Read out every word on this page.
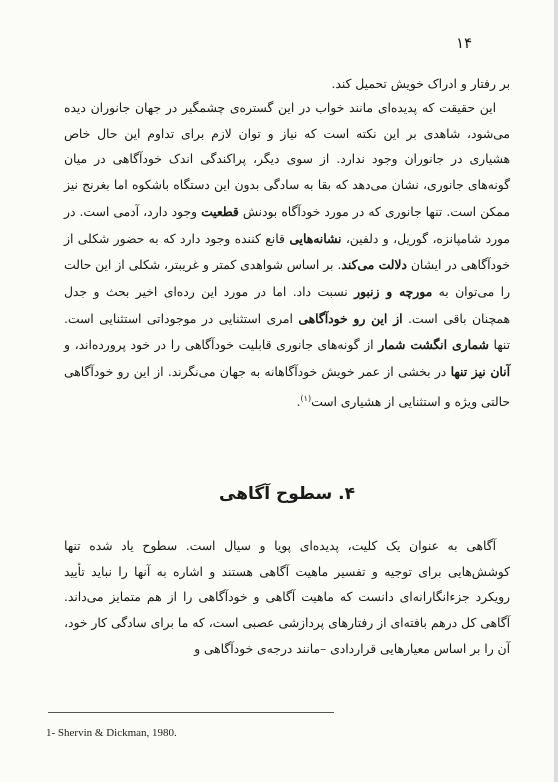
۱۴

بر رفتار و ادراک خویش تحمیل کند.

این حقیقت که پدیده‌ای مانند خواب در این گستره‌ی چشمگیر در جهان جانوران دیده می‌شود، شاهدی بر این نکته است که نیاز و توان لازم برای تداوم این حال خاص هشیاری در جانوران وجود ندارد. از سوی دیگر، پراکندگی اندک خودآگاهی در میان گونه‌های جانوری، نشان می‌دهد که بقا به سادگی بدون این دستگاه باشکوه اما بغرنج نیز ممکن است. تنها جانوری که در مورد خودآگاه بودنش قطعیت وجود دارد، آدمی است. در مورد شامپانزه، گوریل، و دلفین، نشانه‌هایی قانع کننده وجود دارد که به حضور شکلی از خودآگاهی در ایشان دلالت می‌کند. بر اساس شواهدی کمتر و غریبتر، شکلی از این حالت را می‌توان به مورچه و زنبور نسبت داد. اما در مورد این رده‌ای اخیر بحث و جدل همچنان باقی است. از این رو خودآگاهی امری استثنایی در موجوداتی استثنایی است. تنها شماری انگشت شمار از گونه‌های جانوری قابلیت خودآگاهی را در خود پرورده‌اند، و آنان نیز تنها در بخشی از عمر خویش خودآگاهانه به جهان می‌نگرند. از این رو خودآگاهی حالتی ویژه و استثنایی از هشیاری است$^{(۱)}$.

۴. سطوح آگاهی

آگاهی به عنوان یک کلیت، پدیده‌ای پویا و سیال است. سطوح یاد شده تنها کوشش‌هایی برای توجیه و تفسیر ماهیت آگاهی هستند و اشاره به آنها را نباید تأیید رویکرد جزءانگارانه‌ای دانست که ماهیت آگاهی و خودآگاهی را از هم متمایز می‌داند. آگاهی کل درهم بافته‌ای از رفتارهای پردازشی عصبی است، که ما برای سادگی کار خود، آن را بر اساس معیارهایی قراردادی –مانند درجه‌ی خودآگاهی و

1- Shervin & Dickman, 1980.
